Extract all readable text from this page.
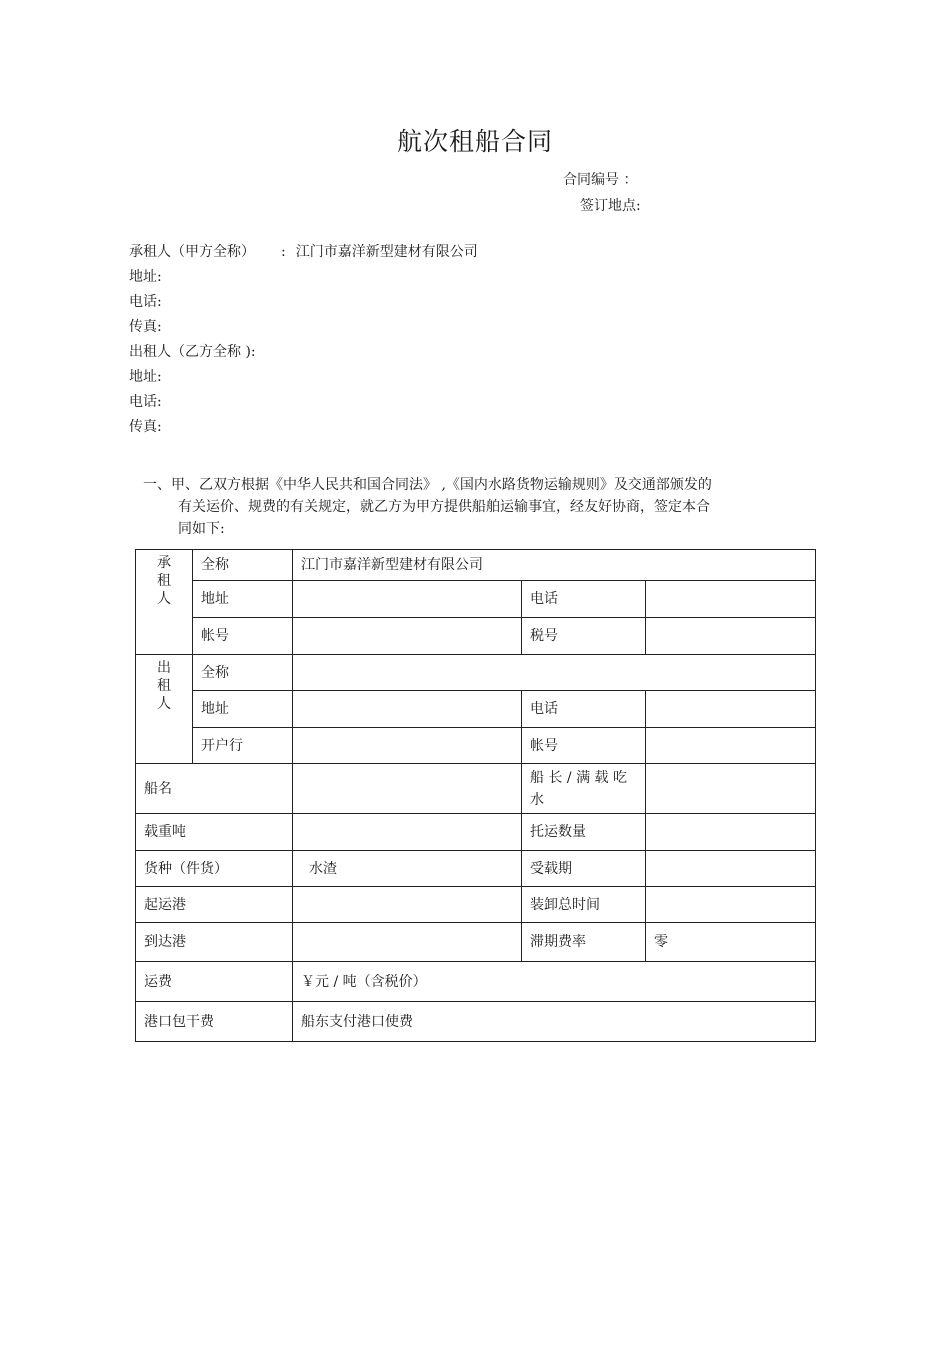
航次租船合同
合同编号 ：
签订地点:
承租人（甲方全称） : 江门市嘉洋新型建材有限公司
地址:
电话:
传真:
出租人（乙方全称 ):
地址:
电话:
传真:
一、甲、乙双方根据《中华人民共和国合同法》 ,《国内水路货物运输规则》及交通部颁发的
有关运价、规费的有关规定，就乙方为甲方提供船舶运输事宜，经友好协商，签定本合
同如下:
承租人	全称	江门市嘉洋新型建材有限公司		
	地址		电话	
	帐号		税号	
出租人	全称			
	地址		电话	
	开户行		帐号	
船名			船 长 / 满 载 吃 水	
载重吨			托运数量	
货种（件货）		水渣	受载期	
起运港			装卸总时间	
到达港			滞期费率	零
运费		￥元 / 吨（含税价）		
港口包干费		船东支付港口使费		
